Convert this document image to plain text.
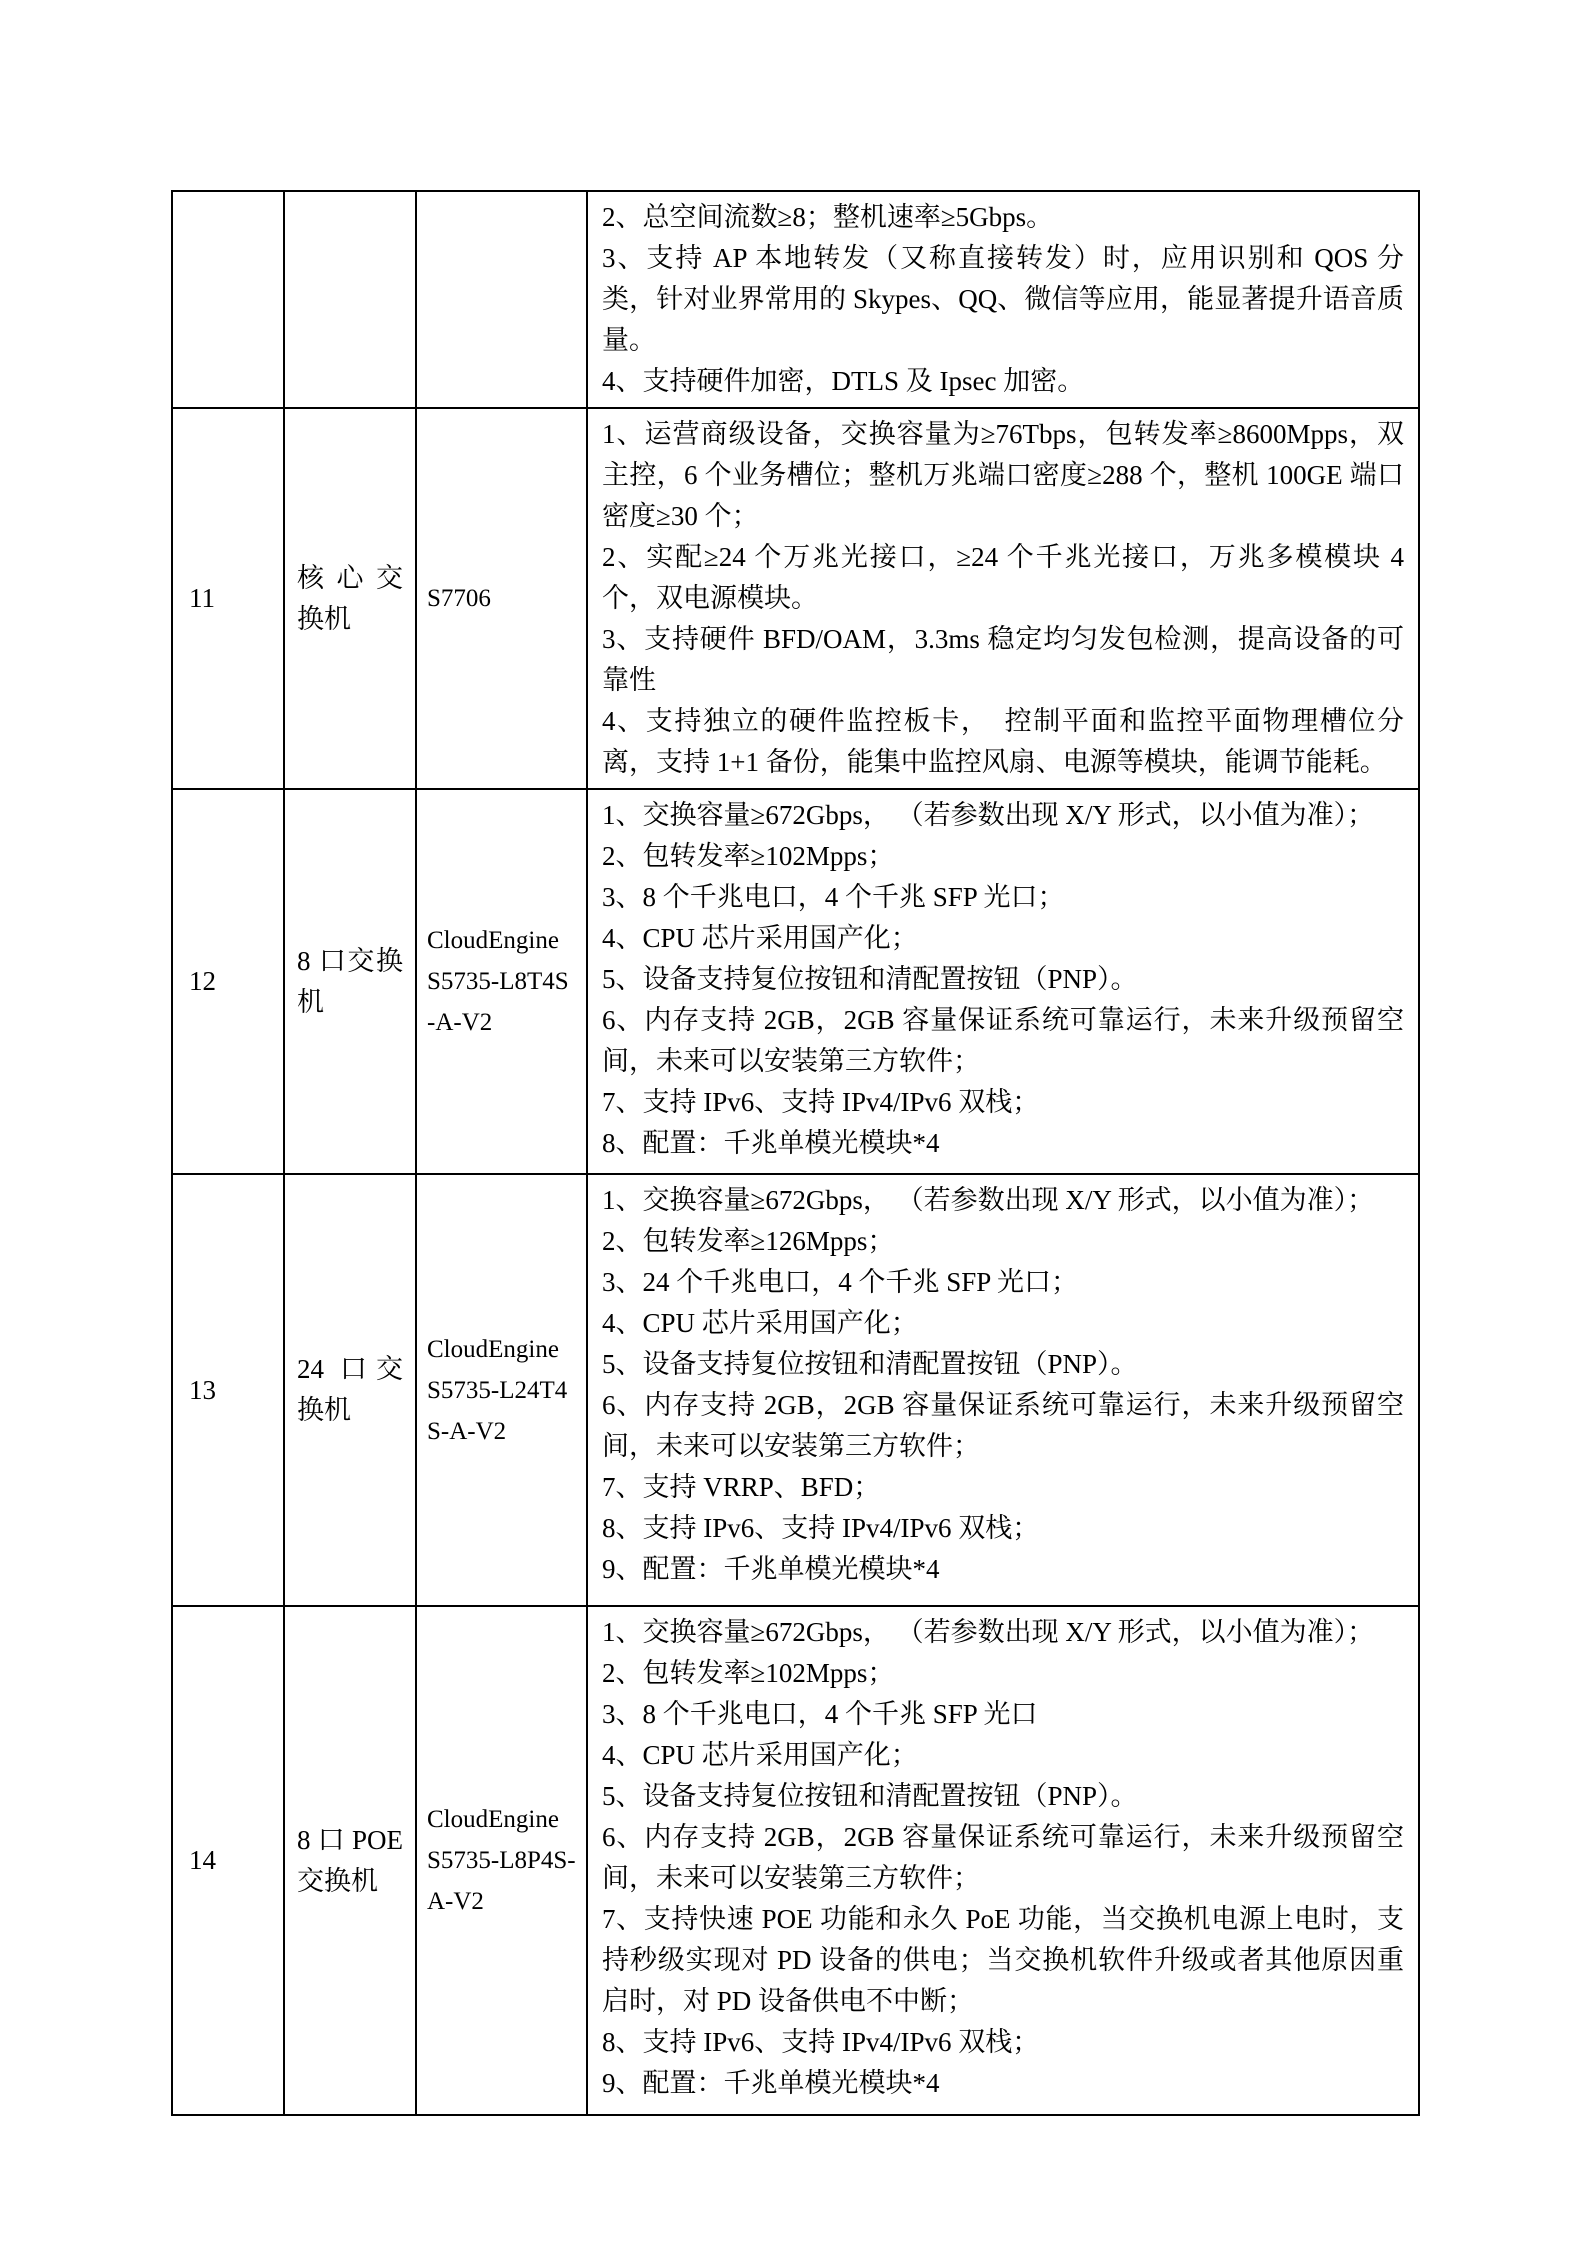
			2、总空间流数≥8；整机速率≥5Gbps。
3、支持 AP 本地转发（又称直接转发）时，应用识别和 QOS 分类，针对业界常用的 Skypes、QQ、微信等应用，能显著提升语音质量。
4、支持硬件加密，DTLS 及 Ipsec 加密。

11	核心交换机	S7706	1、运营商级设备，交换容量为≥76Tbps，包转发率≥8600Mpps，双主控，6 个业务槽位；整机万兆端口密度≥288 个，整机 100GE 端口密度≥30 个；
2、实配≥24 个万兆光接口，≥24 个千兆光接口，万兆多模模块 4 个，双电源模块。
3、支持硬件 BFD/OAM，3.3ms 稳定均匀发包检测，提高设备的可靠性
4、支持独立的硬件监控板卡，　控制平面和监控平面物理槽位分离，支持 1+1 备份，能集中监控风扇、电源等模块，能调节能耗。

12	8 口交换机	CloudEngine S5735-L8T4S-A-V2	
1、交换容量≥672Gbps， （若参数出现 X/Y 形式，以小值为准）；
2、包转发率≥102Mpps；
3、8 个千兆电口，4 个千兆 SFP 光口；
4、CPU 芯片采用国产化；
5、设备支持复位按钮和清配置按钮（PNP）。
6、内存支持 2GB，2GB 容量保证系统可靠运行，未来升级预留空间，未来可以安装第三方软件；
7、支持 IPv6、支持 IPv4/IPv6 双栈；
8、配置：千兆单模光模块*4

13	24 口交换机	CloudEngine S5735-L24T4S-A-V2	
1、交换容量≥672Gbps， （若参数出现 X/Y 形式，以小值为准）；
2、包转发率≥126Mpps；
3、24 个千兆电口，4 个千兆 SFP 光口；
4、CPU 芯片采用国产化；
5、设备支持复位按钮和清配置按钮（PNP）。
6、内存支持 2GB，2GB 容量保证系统可靠运行，未来升级预留空间，未来可以安装第三方软件；
7、支持 VRRP、BFD；
8、支持 IPv6、支持 IPv4/IPv6 双栈；
9、配置：千兆单模光模块*4

14	8 口 POE 交换机	CloudEngine S5735-L8P4S-A-V2	
1、交换容量≥672Gbps， （若参数出现 X/Y 形式，以小值为准）；
2、包转发率≥102Mpps；
3、8 个千兆电口，4 个千兆 SFP 光口
4、CPU 芯片采用国产化；
5、设备支持复位按钮和清配置按钮（PNP）。
6、内存支持 2GB，2GB 容量保证系统可靠运行，未来升级预留空间，未来可以安装第三方软件；
7、支持快速 POE 功能和永久 PoE 功能，当交换机电源上电时，支持秒级实现对 PD 设备的供电；当交换机软件升级或者其他原因重启时，对 PD 设备供电不中断；
8、支持 IPv6、支持 IPv4/IPv6 双栈；
9、配置：千兆单模光模块*4
